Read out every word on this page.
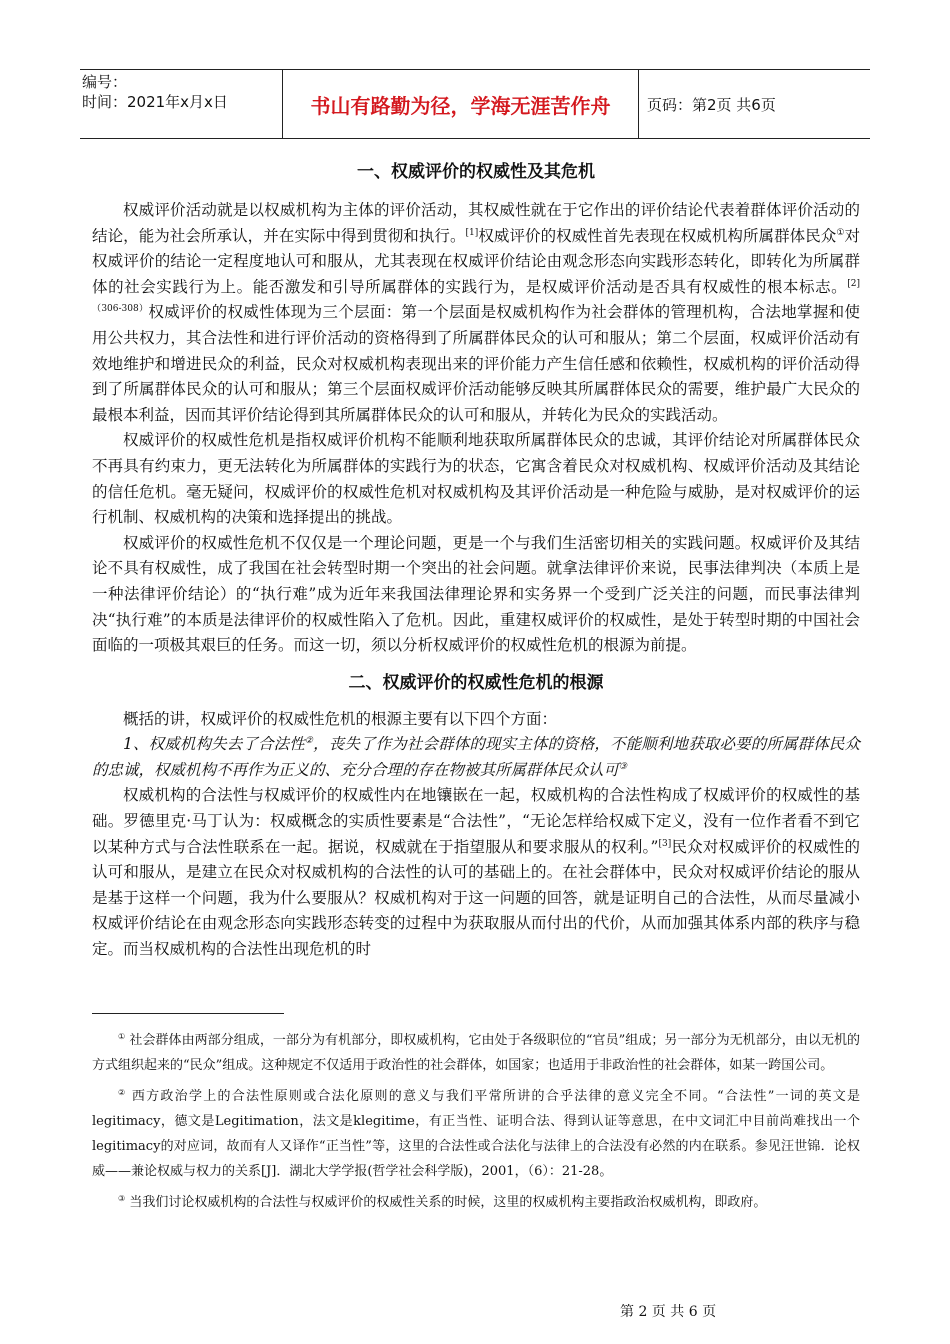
编号：
时间：2021年x月x日	书山有路勤为径，学海无涯苦作舟	页码：第2页 共6页
一、权威评价的权威性及其危机

权威评价活动就是以权威机构为主体的评价活动，其权威性就在于它作出的评价结论代表着群体评价活动的结论，能为社会所承认，并在实际中得到贯彻和执行。[1]权威评价的权威性首先表现在权威机构所属群体民众①对权威评价的结论一定程度地认可和服从，尤其表现在权威评价结论由观念形态向实践形态转化，即转化为所属群体的社会实践行为上。能否激发和引导所属群体的实践行为，是权威评价活动是否具有权威性的根本标志。$^{[2](306-308)}$权威评价的权威性体现为三个层面：第一个层面是权威机构作为社会群体的管理机构，合法地掌握和使用公共权力，其合法性和进行评价活动的资格得到了所属群体民众的认可和服从；第二个层面，权威评价活动有效地维护和增进民众的利益，民众对权威机构表现出来的评价能力产生信任感和依赖性，权威机构的评价活动得到了所属群体民众的认可和服从；第三个层面权威评价活动能够反映其所属群体民众的需要，维护最广大民众的最根本利益，因而其评价结论得到其所属群体民众的认可和服从，并转化为民众的实践活动。

权威评价的权威性危机是指权威评价机构不能顺利地获取所属群体民众的忠诚，其评价结论对所属群体民众不再具有约束力，更无法转化为所属群体的实践行为的状态，它寓含着民众对权威机构、权威评价活动及其结论的信任危机。毫无疑问，权威评价的权威性危机对权威机构及其评价活动是一种危险与威胁，是对权威评价的运行机制、权威机构的决策和选择提出的挑战。

权威评价的权威性危机不仅仅是一个理论问题，更是一个与我们生活密切相关的实践问题。权威评价及其结论不具有权威性，成了我国在社会转型时期一个突出的社会问题。就拿法律评价来说，民事法律判决（本质上是一种法律评价结论）的“执行难”成为近年来我国法律理论界和实务界一个受到广泛关注的问题，而民事法律判决“执行难”的本质是法律评价的权威性陷入了危机。因此，重建权威评价的权威性，是处于转型时期的中国社会面临的一项极其艰巨的任务。而这一切，须以分析权威评价的权威性危机的根源为前提。

二、权威评价的权威性危机的根源

概括的讲，权威评价的权威性危机的根源主要有以下四个方面：

1、权威机构失去了合法性②，丧失了作为社会群体的现实主体的资格，不能顺利地获取必要的所属群体民众的忠诚，权威机构不再作为正义的、充分合理的存在物被其所属群体民众认可③

权威机构的合法性与权威评价的权威性内在地镶嵌在一起，权威机构的合法性构成了权威评价的权威性的基础。罗德里克·马丁认为：权威概念的实质性要素是“合法性”，“无论怎样给权威下定义，没有一位作者看不到它以某种方式与合法性联系在一起。据说，权威就在于指望服从和要求服从的权利。”[3]民众对权威评价的权威性的认可和服从，是建立在民众对权威机构的合法性的认可的基础上的。在社会群体中，民众对权威评价结论的服从是基于这样一个问题，我为什么要服从？权威机构对于这一问题的回答，就是证明自己的合法性，从而尽量减小权威评价结论在由观念形态向实践形态转变的过程中为获取服从而付出的代价，从而加强其体系内部的秩序与稳定。而当权威机构的合法性出现危机的时

① 社会群体由两部分组成，一部分为有机部分，即权威机构，它由处于各级职位的“官员”组成；另一部分为无机部分，由以无机的方式组织起来的“民众”组成。这种规定不仅适用于政治性的社会群体，如国家；也适用于非政治性的社会群体，如某一跨国公司。

② 西方政治学上的合法性原则或合法化原则的意义与我们平常所讲的合乎法律的意义完全不同。“合法性”一词的英文是legitimacy，德文是Legitimation，法文是klegitime，有正当性、证明合法、得到认证等意思，在中文词汇中目前尚难找出一个legitimacy的对应词，故而有人又译作“正当性”等，这里的合法性或合法化与法律上的合法没有必然的内在联系。参见汪世锦．论权威——兼论权威与权力的关系[J]．湖北大学学报(哲学社会科学版)，2001，（6）：21-28。

③ 当我们讨论权威机构的合法性与权威评价的权威性关系的时候，这里的权威机构主要指政治权威机构，即政府。

第 2 页 共 6 页
